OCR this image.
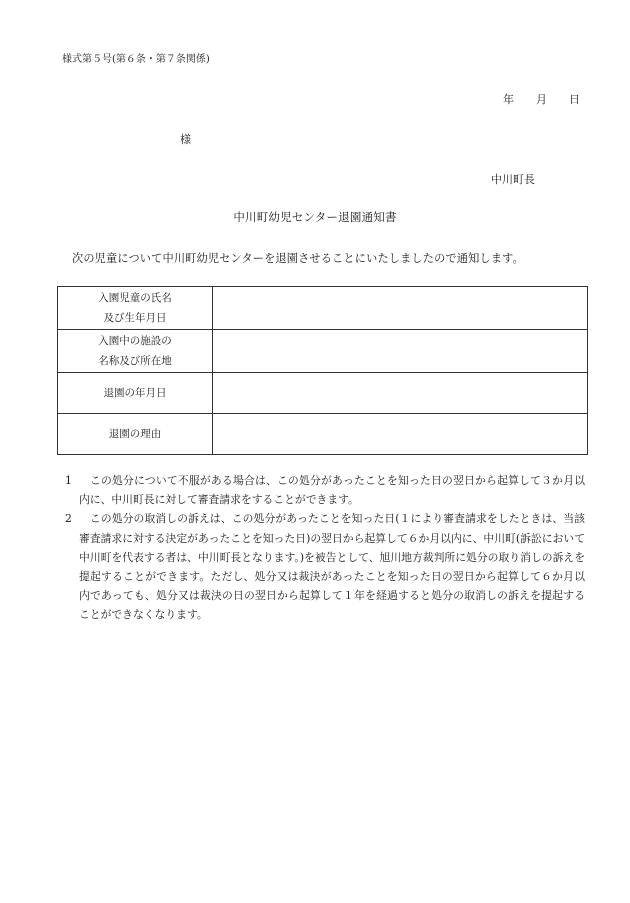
様式第５号(第６条・第７条関係)
年 月 日
様
中川町長
中川町幼児センター退園通知書
次の児童について中川町幼児センターを退園させることにいたしましたので通知します。
入園児童の氏名
及び生年月日	

入園中の施設の
名称及び所在地	

退園の年月日	

退園の理由	

1 　この処分について不服がある場合は、この処分があったことを知った日の翌日から起算して３か月以内に、中川町長に対して審査請求をすることができます。
2 　この処分の取消しの訴えは、この処分があったことを知った日(１により審査請求をしたときは、当該審査請求に対する決定があったことを知った日)の翌日から起算して６か月以内に、中川町(訴訟において中川町を代表する者は、中川町長となります。)を被告として、旭川地方裁判所に処分の取り消しの訴えを提起することができます。ただし、処分又は裁決があったことを知った日の翌日から起算して６か月以内であっても、処分又は裁決の日の翌日から起算して１年を経過すると処分の取消しの訴えを提起することができなくなります。
